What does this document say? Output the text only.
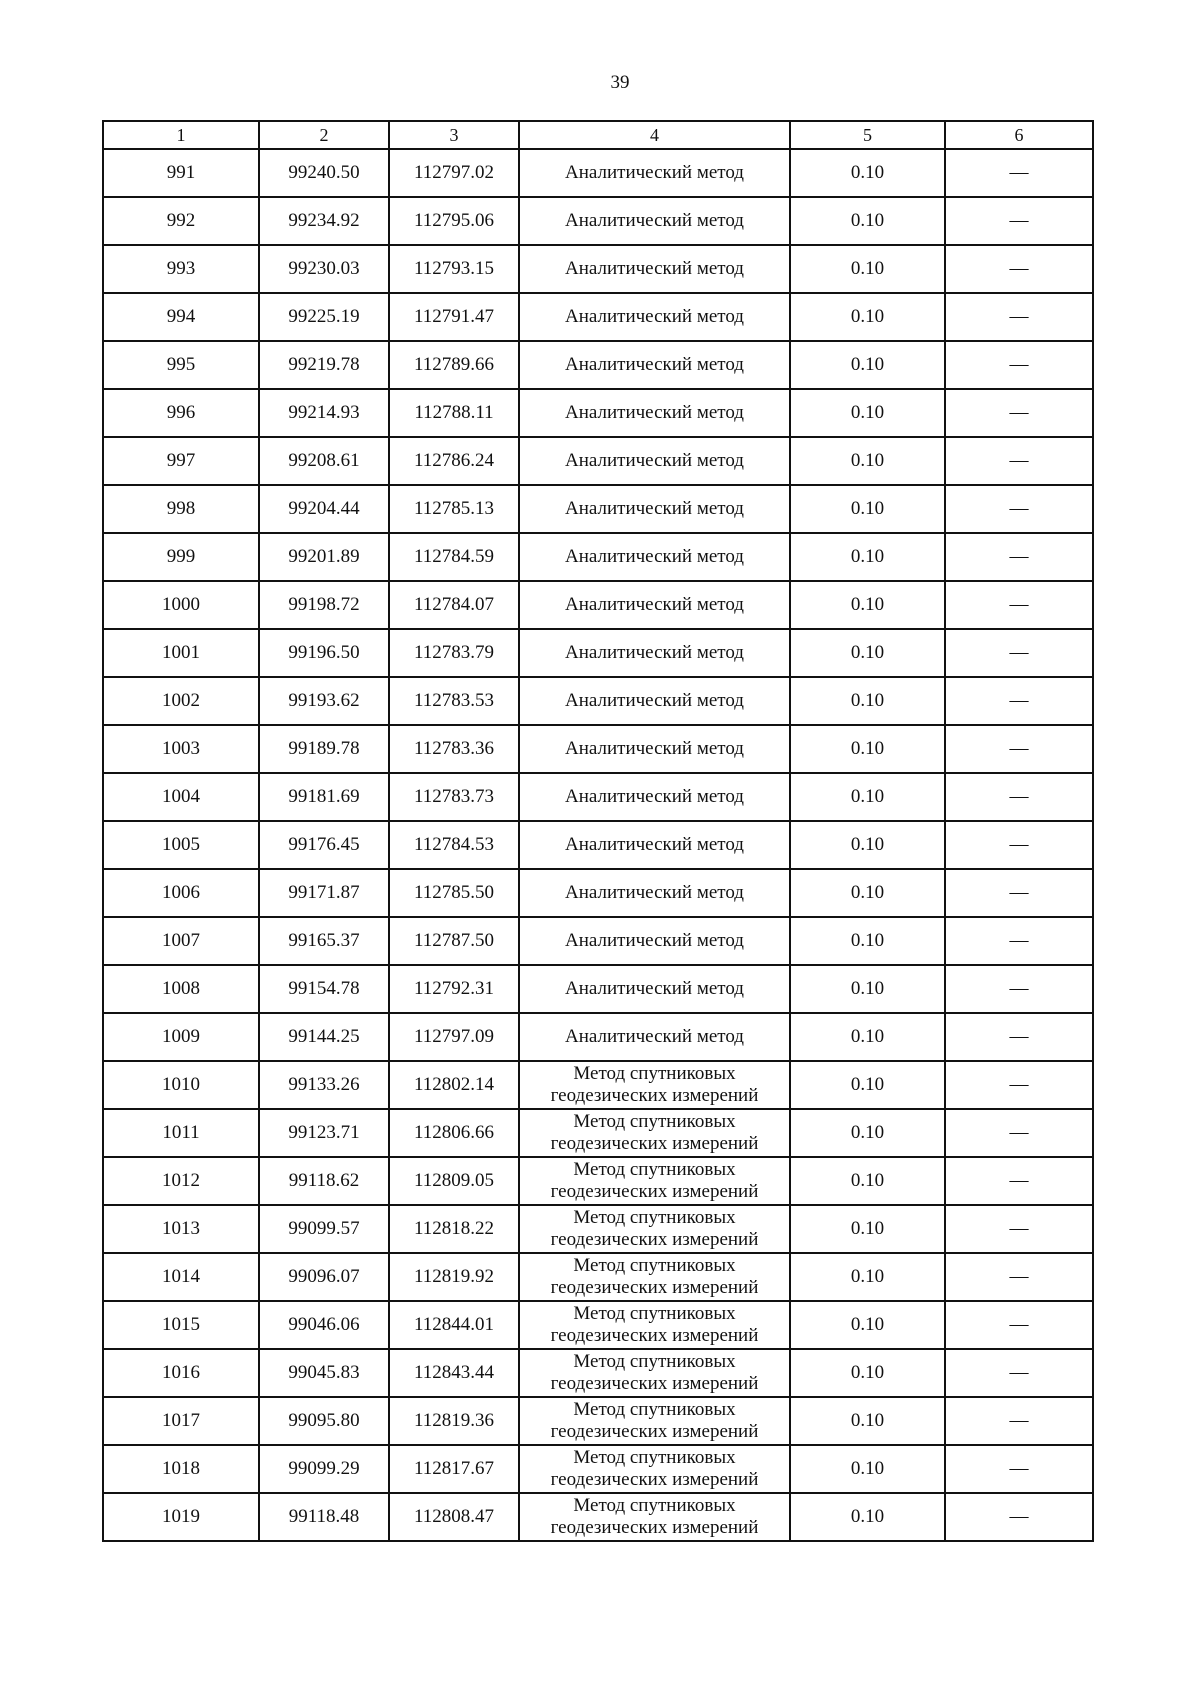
39
1	2	3	4	5	6
991	99240.50	112797.02	Аналитический метод	0.10	—
992	99234.92	112795.06	Аналитический метод	0.10	—
993	99230.03	112793.15	Аналитический метод	0.10	—
994	99225.19	112791.47	Аналитический метод	0.10	—
995	99219.78	112789.66	Аналитический метод	0.10	—
996	99214.93	112788.11	Аналитический метод	0.10	—
997	99208.61	112786.24	Аналитический метод	0.10	—
998	99204.44	112785.13	Аналитический метод	0.10	—
999	99201.89	112784.59	Аналитический метод	0.10	—
1000	99198.72	112784.07	Аналитический метод	0.10	—
1001	99196.50	112783.79	Аналитический метод	0.10	—
1002	99193.62	112783.53	Аналитический метод	0.10	—
1003	99189.78	112783.36	Аналитический метод	0.10	—
1004	99181.69	112783.73	Аналитический метод	0.10	—
1005	99176.45	112784.53	Аналитический метод	0.10	—
1006	99171.87	112785.50	Аналитический метод	0.10	—
1007	99165.37	112787.50	Аналитический метод	0.10	—
1008	99154.78	112792.31	Аналитический метод	0.10	—
1009	99144.25	112797.09	Аналитический метод	0.10	—
1010	99133.26	112802.14	Метод спутниковых
геодезических измерений	0.10	—
1011	99123.71	112806.66	Метод спутниковых
геодезических измерений	0.10	—
1012	99118.62	112809.05	Метод спутниковых
геодезических измерений	0.10	—
1013	99099.57	112818.22	Метод спутниковых
геодезических измерений	0.10	—
1014	99096.07	112819.92	Метод спутниковых
геодезических измерений	0.10	—
1015	99046.06	112844.01	Метод спутниковых
геодезических измерений	0.10	—
1016	99045.83	112843.44	Метод спутниковых
геодезических измерений	0.10	—
1017	99095.80	112819.36	Метод спутниковых
геодезических измерений	0.10	—
1018	99099.29	112817.67	Метод спутниковых
геодезических измерений	0.10	—
1019	99118.48	112808.47	Метод спутниковых
геодезических измерений	0.10	—
